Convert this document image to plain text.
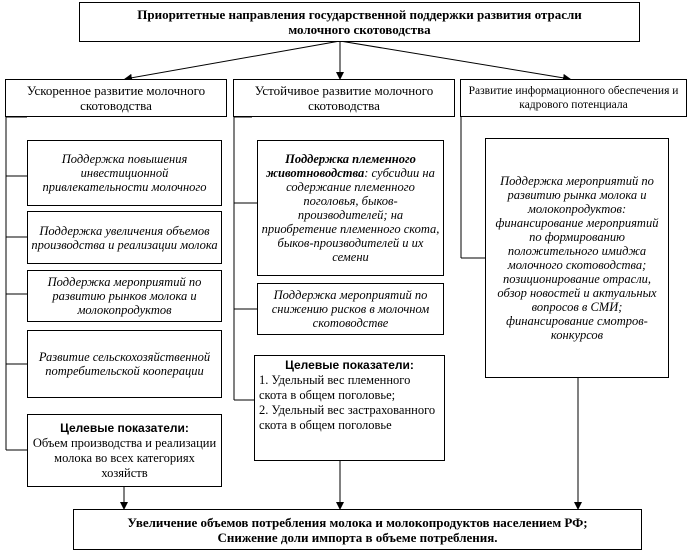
Приоритетные направления государственной поддержки развития отрасли
молочного скотоводства
Ускоренное развитие молочного скотоводства
Устойчивое развитие молочного скотоводства
Развитие информационного обеспечения и кадрового потенциала
Поддержка повышения инвестиционной привлекательности молочного
Поддержка увеличения объемов производства и реализации молока
Поддержка мероприятий по развитию рынков молока и молокопродуктов
Развитие сельскохозяйственной потребительской кооперации
Целевые показатели:
Объем производства и реализации молока во всех категориях хозяйств
Поддержка племенного животноводства: субсидии на содержание племенного поголовья, быков-производителей; на приобретение племенного скота, быков-производителей и их семени
Поддержка мероприятий по снижению рисков в молочном скотоводстве
Целевые показатели:
1. Удельный вес племенного скота в общем поголовье;
2. Удельный вес застрахованного скота в общем поголовье
Поддержка мероприятий по развитию рынка молока и молокопродуктов: финансирование мероприятий по формированию положительного имиджа молочного скотоводства; позиционирование отрасли, обзор новостей и актуальных вопросов в СМИ; финансирование смотров-конкурсов
Увеличение объемов потребления молока и молокопродуктов населением РФ;
Снижение доли импорта в объеме потребления.
